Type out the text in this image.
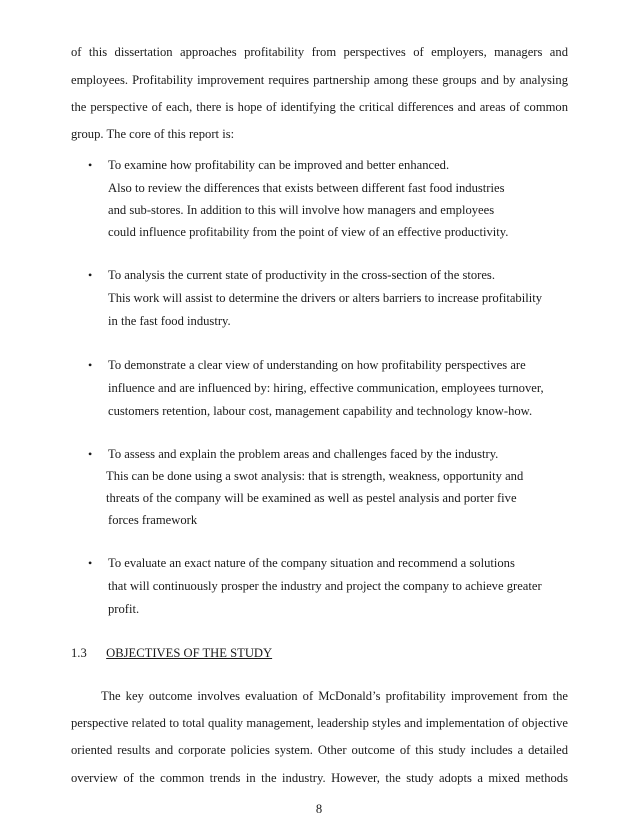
of this dissertation approaches profitability from perspectives of employers, managers and
employees. Profitability improvement requires partnership among these groups and by analysing
the perspective of each, there is hope of identifying the critical differences and areas of common
group. The core of this report is:
• To examine how profitability can be improved and better enhanced.
Also to review the differences that exists between different fast food industries
and sub-stores. In addition to this will involve how managers and employees
could influence profitability from the point of view of an effective productivity.
• To analysis the current state of productivity in the cross-section of the stores.
This work will assist to determine the drivers or alters barriers to increase profitability
in the fast food industry.
• To demonstrate a clear view of understanding on how profitability perspectives are
influence and are influenced by: hiring, effective communication, employees turnover,
customers retention, labour cost, management capability and technology know-how.
• To assess and explain the problem areas and challenges faced by the industry.
This can be done using a swot analysis: that is strength, weakness, opportunity and
threats of the company will be examined as well as pestel analysis and porter five
forces framework
• To evaluate an exact nature of the company situation and recommend a solutions
that will continuously prosper the industry and project the company to achieve greater
profit.
1.3 OBJECTIVES OF THE STUDY
The key outcome involves evaluation of McDonald’s profitability improvement from the
perspective related to total quality management, leadership styles and implementation of objective
oriented results and corporate policies system. Other outcome of this study includes a detailed
overview of the common trends in the industry. However, the study adopts a mixed methods
8
